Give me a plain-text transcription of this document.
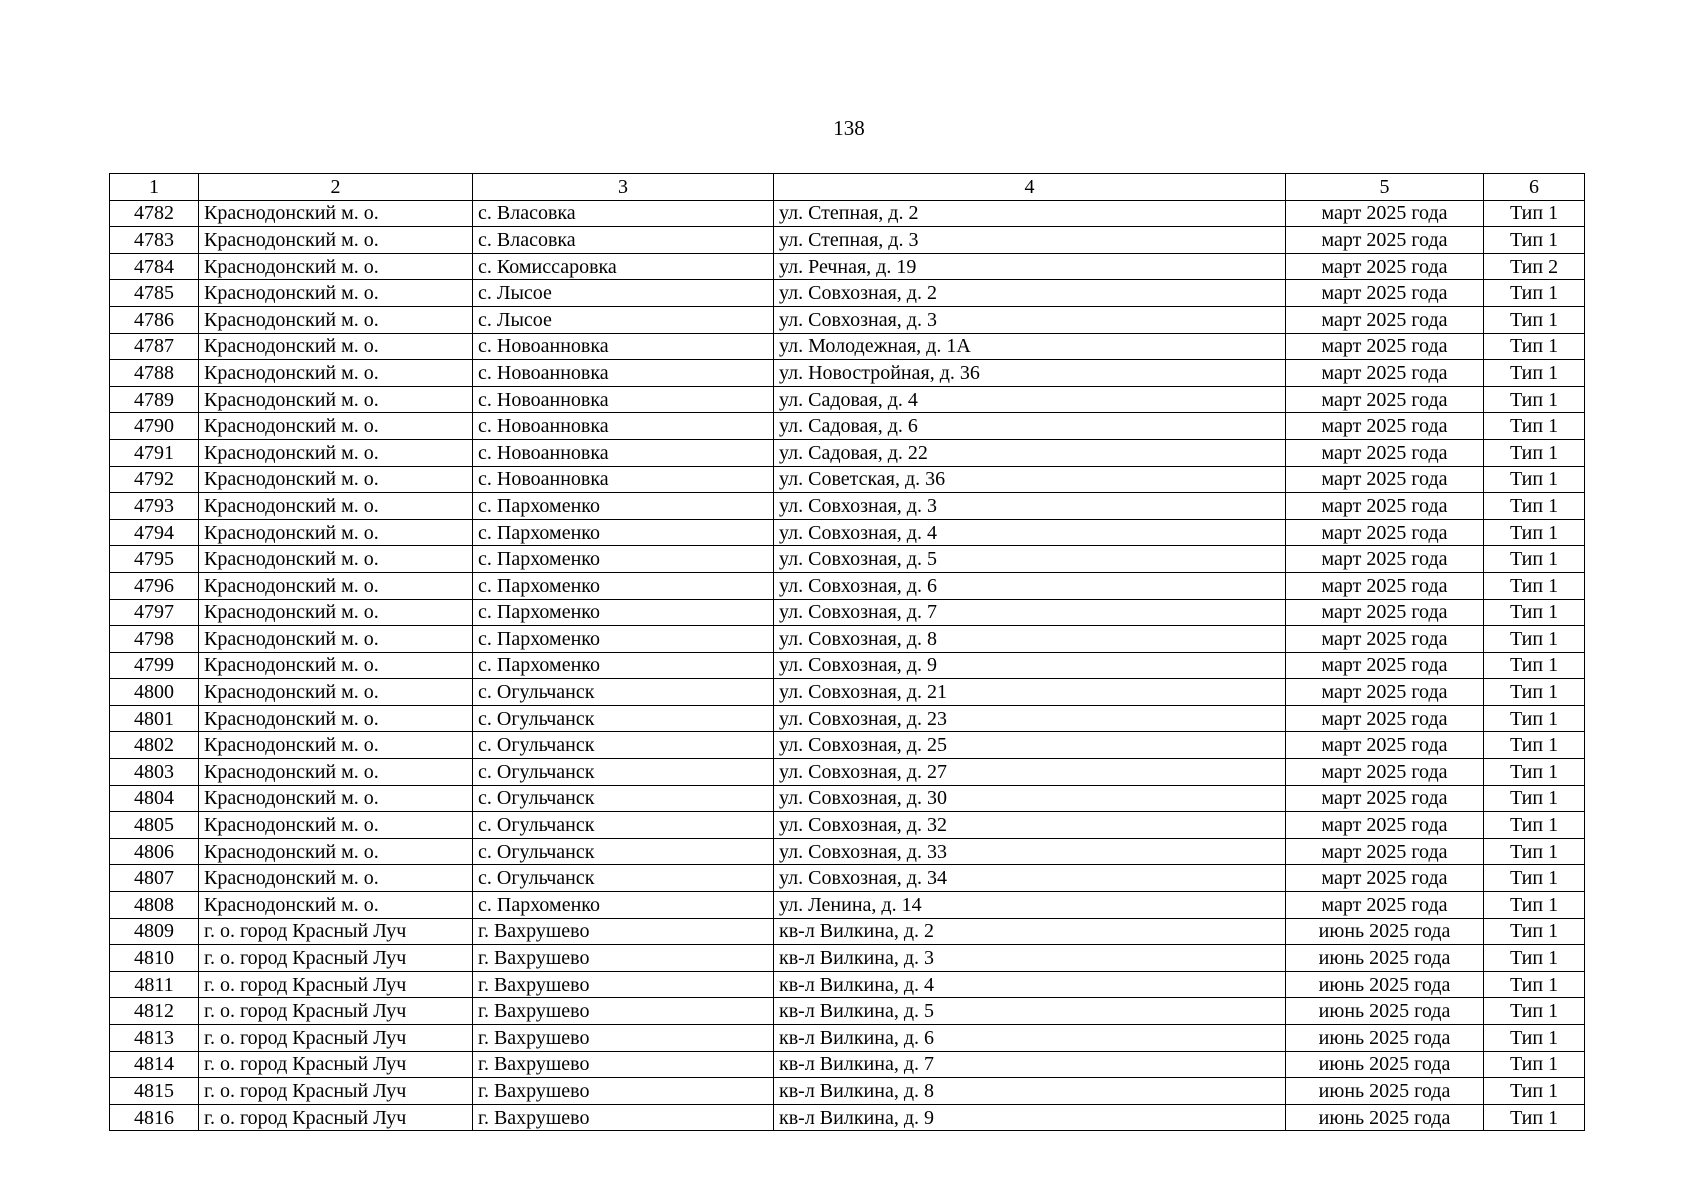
138
1	2	3	4	5	6
4782	Краснодонский м. о.	с. Власовка	ул. Степная, д. 2	март 2025 года	Тип 1
4783	Краснодонский м. о.	с. Власовка	ул. Степная, д. 3	март 2025 года	Тип 1
4784	Краснодонский м. о.	с. Комиссаровка	ул. Речная, д. 19	март 2025 года	Тип 2
4785	Краснодонский м. о.	с. Лысое	ул. Совхозная, д. 2	март 2025 года	Тип 1
4786	Краснодонский м. о.	с. Лысое	ул. Совхозная, д. 3	март 2025 года	Тип 1
4787	Краснодонский м. о.	с. Новоанновка	ул. Молодежная, д. 1А	март 2025 года	Тип 1
4788	Краснодонский м. о.	с. Новоанновка	ул. Новостройная, д. 36	март 2025 года	Тип 1
4789	Краснодонский м. о.	с. Новоанновка	ул. Садовая, д. 4	март 2025 года	Тип 1
4790	Краснодонский м. о.	с. Новоанновка	ул. Садовая, д. 6	март 2025 года	Тип 1
4791	Краснодонский м. о.	с. Новоанновка	ул. Садовая, д. 22	март 2025 года	Тип 1
4792	Краснодонский м. о.	с. Новоанновка	ул. Советская, д. 36	март 2025 года	Тип 1
4793	Краснодонский м. о.	с. Пархоменко	ул. Совхозная, д. 3	март 2025 года	Тип 1
4794	Краснодонский м. о.	с. Пархоменко	ул. Совхозная, д. 4	март 2025 года	Тип 1
4795	Краснодонский м. о.	с. Пархоменко	ул. Совхозная, д. 5	март 2025 года	Тип 1
4796	Краснодонский м. о.	с. Пархоменко	ул. Совхозная, д. 6	март 2025 года	Тип 1
4797	Краснодонский м. о.	с. Пархоменко	ул. Совхозная, д. 7	март 2025 года	Тип 1
4798	Краснодонский м. о.	с. Пархоменко	ул. Совхозная, д. 8	март 2025 года	Тип 1
4799	Краснодонский м. о.	с. Пархоменко	ул. Совхозная, д. 9	март 2025 года	Тип 1
4800	Краснодонский м. о.	с. Огульчанск	ул. Совхозная, д. 21	март 2025 года	Тип 1
4801	Краснодонский м. о.	с. Огульчанск	ул. Совхозная, д. 23	март 2025 года	Тип 1
4802	Краснодонский м. о.	с. Огульчанск	ул. Совхозная, д. 25	март 2025 года	Тип 1
4803	Краснодонский м. о.	с. Огульчанск	ул. Совхозная, д. 27	март 2025 года	Тип 1
4804	Краснодонский м. о.	с. Огульчанск	ул. Совхозная, д. 30	март 2025 года	Тип 1
4805	Краснодонский м. о.	с. Огульчанск	ул. Совхозная, д. 32	март 2025 года	Тип 1
4806	Краснодонский м. о.	с. Огульчанск	ул. Совхозная, д. 33	март 2025 года	Тип 1
4807	Краснодонский м. о.	с. Огульчанск	ул. Совхозная, д. 34	март 2025 года	Тип 1
4808	Краснодонский м. о.	с. Пархоменко	ул. Ленина, д. 14	март 2025 года	Тип 1
4809	г. о. город Красный Луч	г. Вахрушево	кв-л Вилкина, д. 2	июнь 2025 года	Тип 1
4810	г. о. город Красный Луч	г. Вахрушево	кв-л Вилкина, д. 3	июнь 2025 года	Тип 1
4811	г. о. город Красный Луч	г. Вахрушево	кв-л Вилкина, д. 4	июнь 2025 года	Тип 1
4812	г. о. город Красный Луч	г. Вахрушево	кв-л Вилкина, д. 5	июнь 2025 года	Тип 1
4813	г. о. город Красный Луч	г. Вахрушево	кв-л Вилкина, д. 6	июнь 2025 года	Тип 1
4814	г. о. город Красный Луч	г. Вахрушево	кв-л Вилкина, д. 7	июнь 2025 года	Тип 1
4815	г. о. город Красный Луч	г. Вахрушево	кв-л Вилкина, д. 8	июнь 2025 года	Тип 1
4816	г. о. город Красный Луч	г. Вахрушево	кв-л Вилкина, д. 9	июнь 2025 года	Тип 1
